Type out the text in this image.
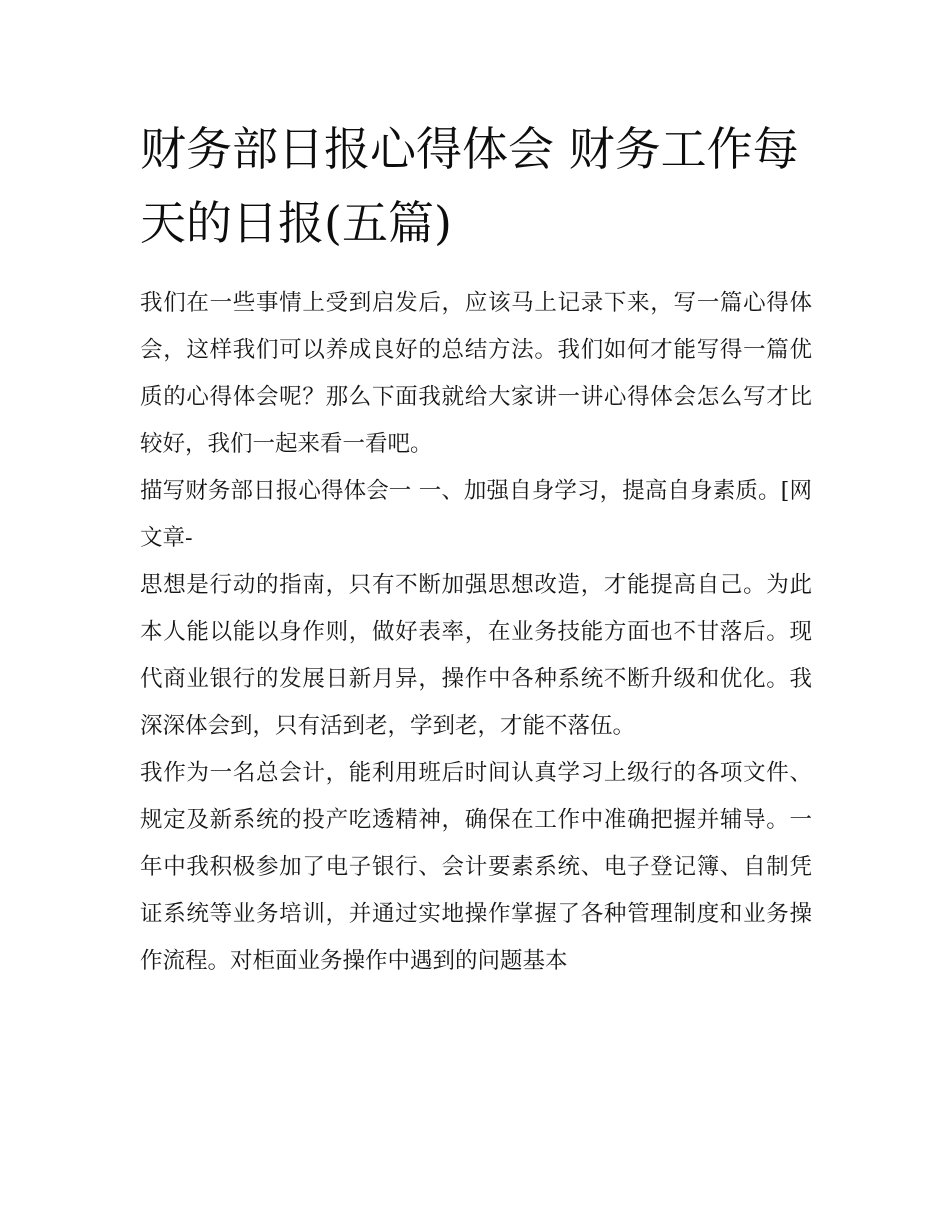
财务部日报心得体会 财务工作每天的日报(五篇)

我们在一些事情上受到启发后，应该马上记录下来，写一篇心得体会，这样我们可以养成良好的总结方法。我们如何才能写得一篇优质的心得体会呢？那么下面我就给大家讲一讲心得体会怎么写才比较好，我们一起来看一看吧。

描写财务部日报心得体会一 一、加强自身学习，提高自身素质。[网文章-

思想是行动的指南，只有不断加强思想改造，才能提高自己。为此本人能以能以身作则，做好表率，在业务技能方面也不甘落后。现代商业银行的发展日新月异，操作中各种系统不断升级和优化。我深深体会到，只有活到老，学到老，才能不落伍。

我作为一名总会计，能利用班后时间认真学习上级行的各项文件、规定及新系统的投产吃透精神，确保在工作中准确把握并辅导。一年中我积极参加了电子银行、会计要素系统、电子登记簿、自制凭证系统等业务培训，并通过实地操作掌握了各种管理制度和业务操作流程。对柜面业务操作中遇到的问题基本
